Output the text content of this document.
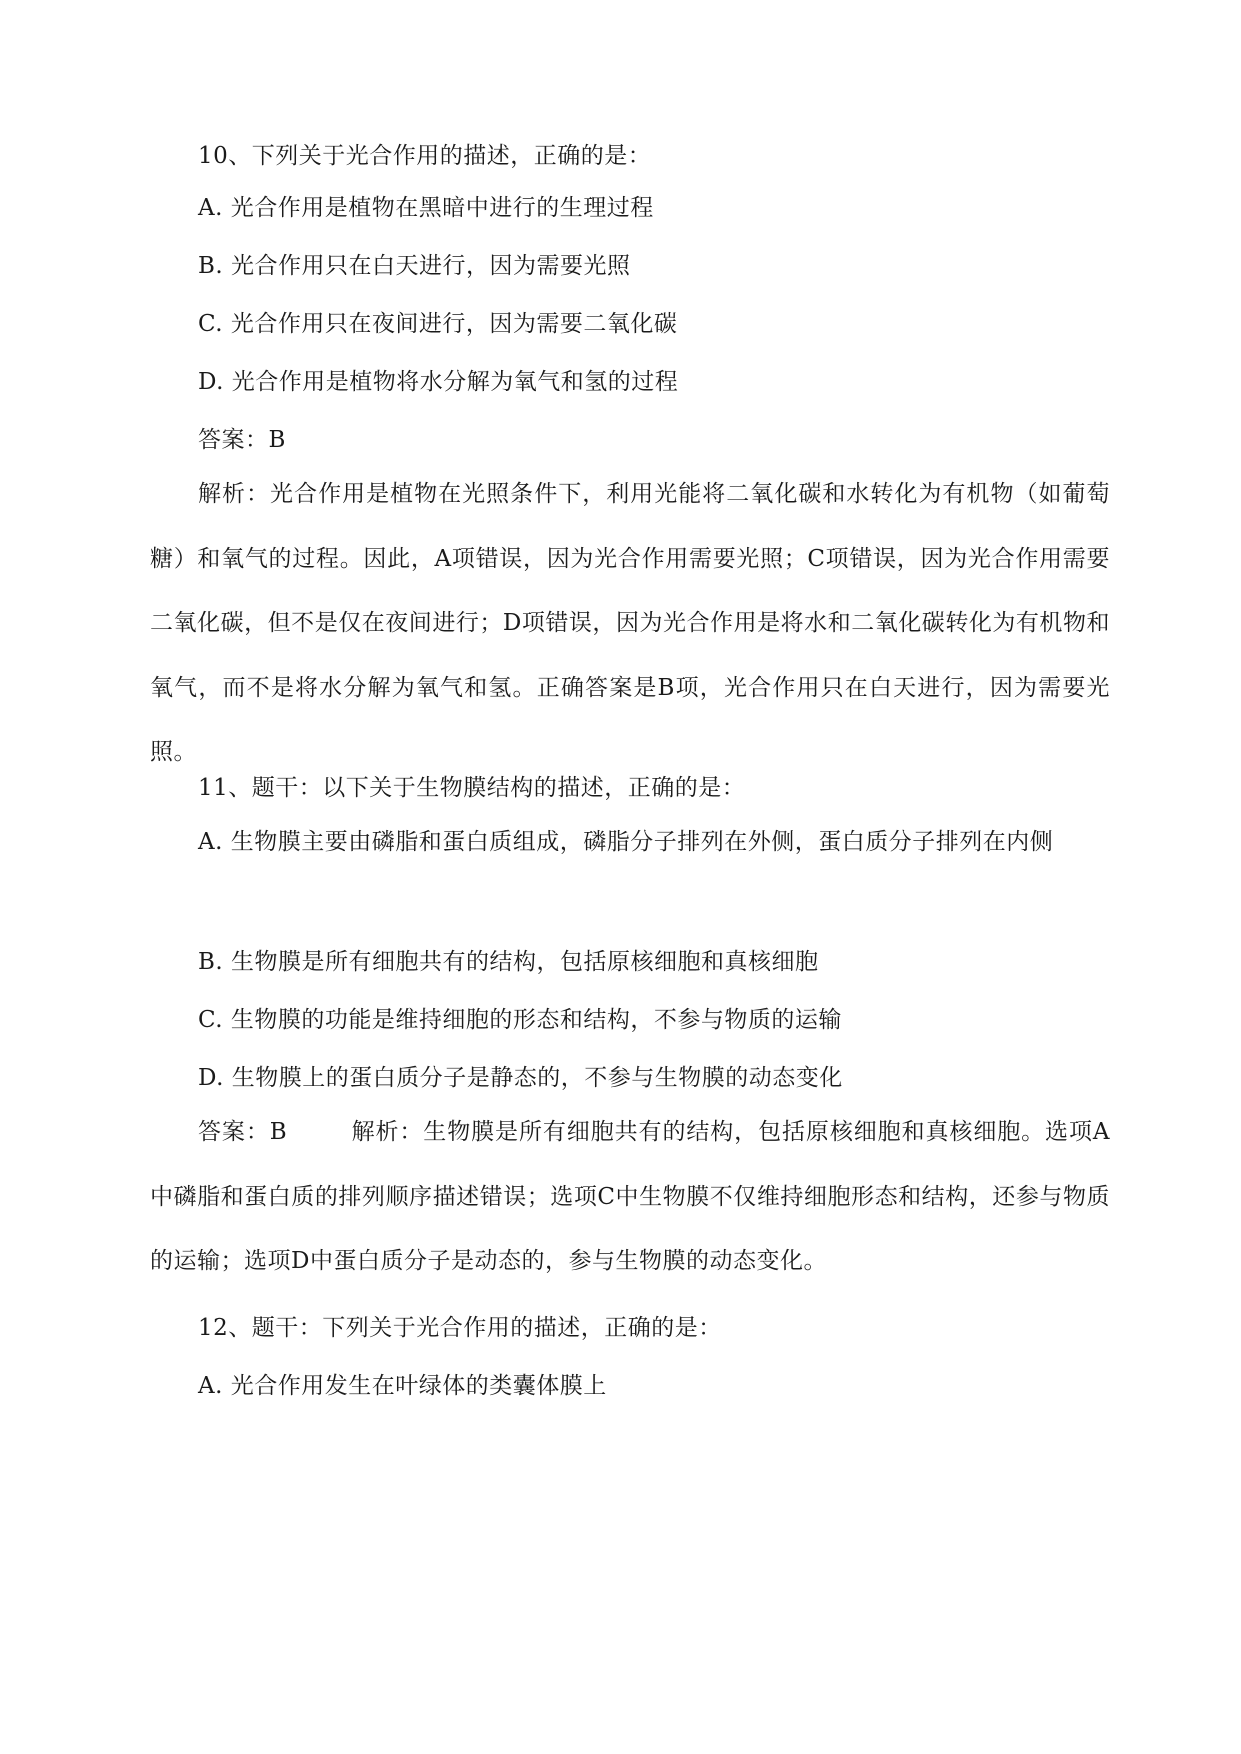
10、下列关于光合作用的描述，正确的是：
A. 光合作用是植物在黑暗中进行的生理过程
B. 光合作用只在白天进行，因为需要光照
C. 光合作用只在夜间进行，因为需要二氧化碳
D. 光合作用是植物将水分解为氧气和氢的过程
答案：B

解析：光合作用是植物在光照条件下，利用光能将二氧化碳和水转化为有机物（如葡萄糖）和氧气的过程。因此，A项错误，因为光合作用需要光照；C项错误，因为光合作用需要二氧化碳，但不是仅在夜间进行；D项错误，因为光合作用是将水和二氧化碳转化为有机物和氧气，而不是将水分解为氧气和氢。正确答案是B项，光合作用只在白天进行，因为需要光照。

11、题干：以下关于生物膜结构的描述，正确的是：

A. 生物膜主要由磷脂和蛋白质组成，磷脂分子排列在外侧，蛋白质分子排列在内侧

B. 生物膜是所有细胞共有的结构，包括原核细胞和真核细胞
C. 生物膜的功能是维持细胞的形态和结构，不参与物质的运输
D. 生物膜上的蛋白质分子是静态的，不参与生物膜的动态变化

答案：B	解析：生物膜是所有细胞共有的结构，包括原核细胞和真核细胞。选项A中磷脂和蛋白质的排列顺序描述错误；选项C中生物膜不仅维持细胞形态和结构，还参与物质的运输；选项D中蛋白质分子是动态的，参与生物膜的动态变化。

12、题干：下列关于光合作用的描述，正确的是：
A. 光合作用发生在叶绿体的类囊体膜上
